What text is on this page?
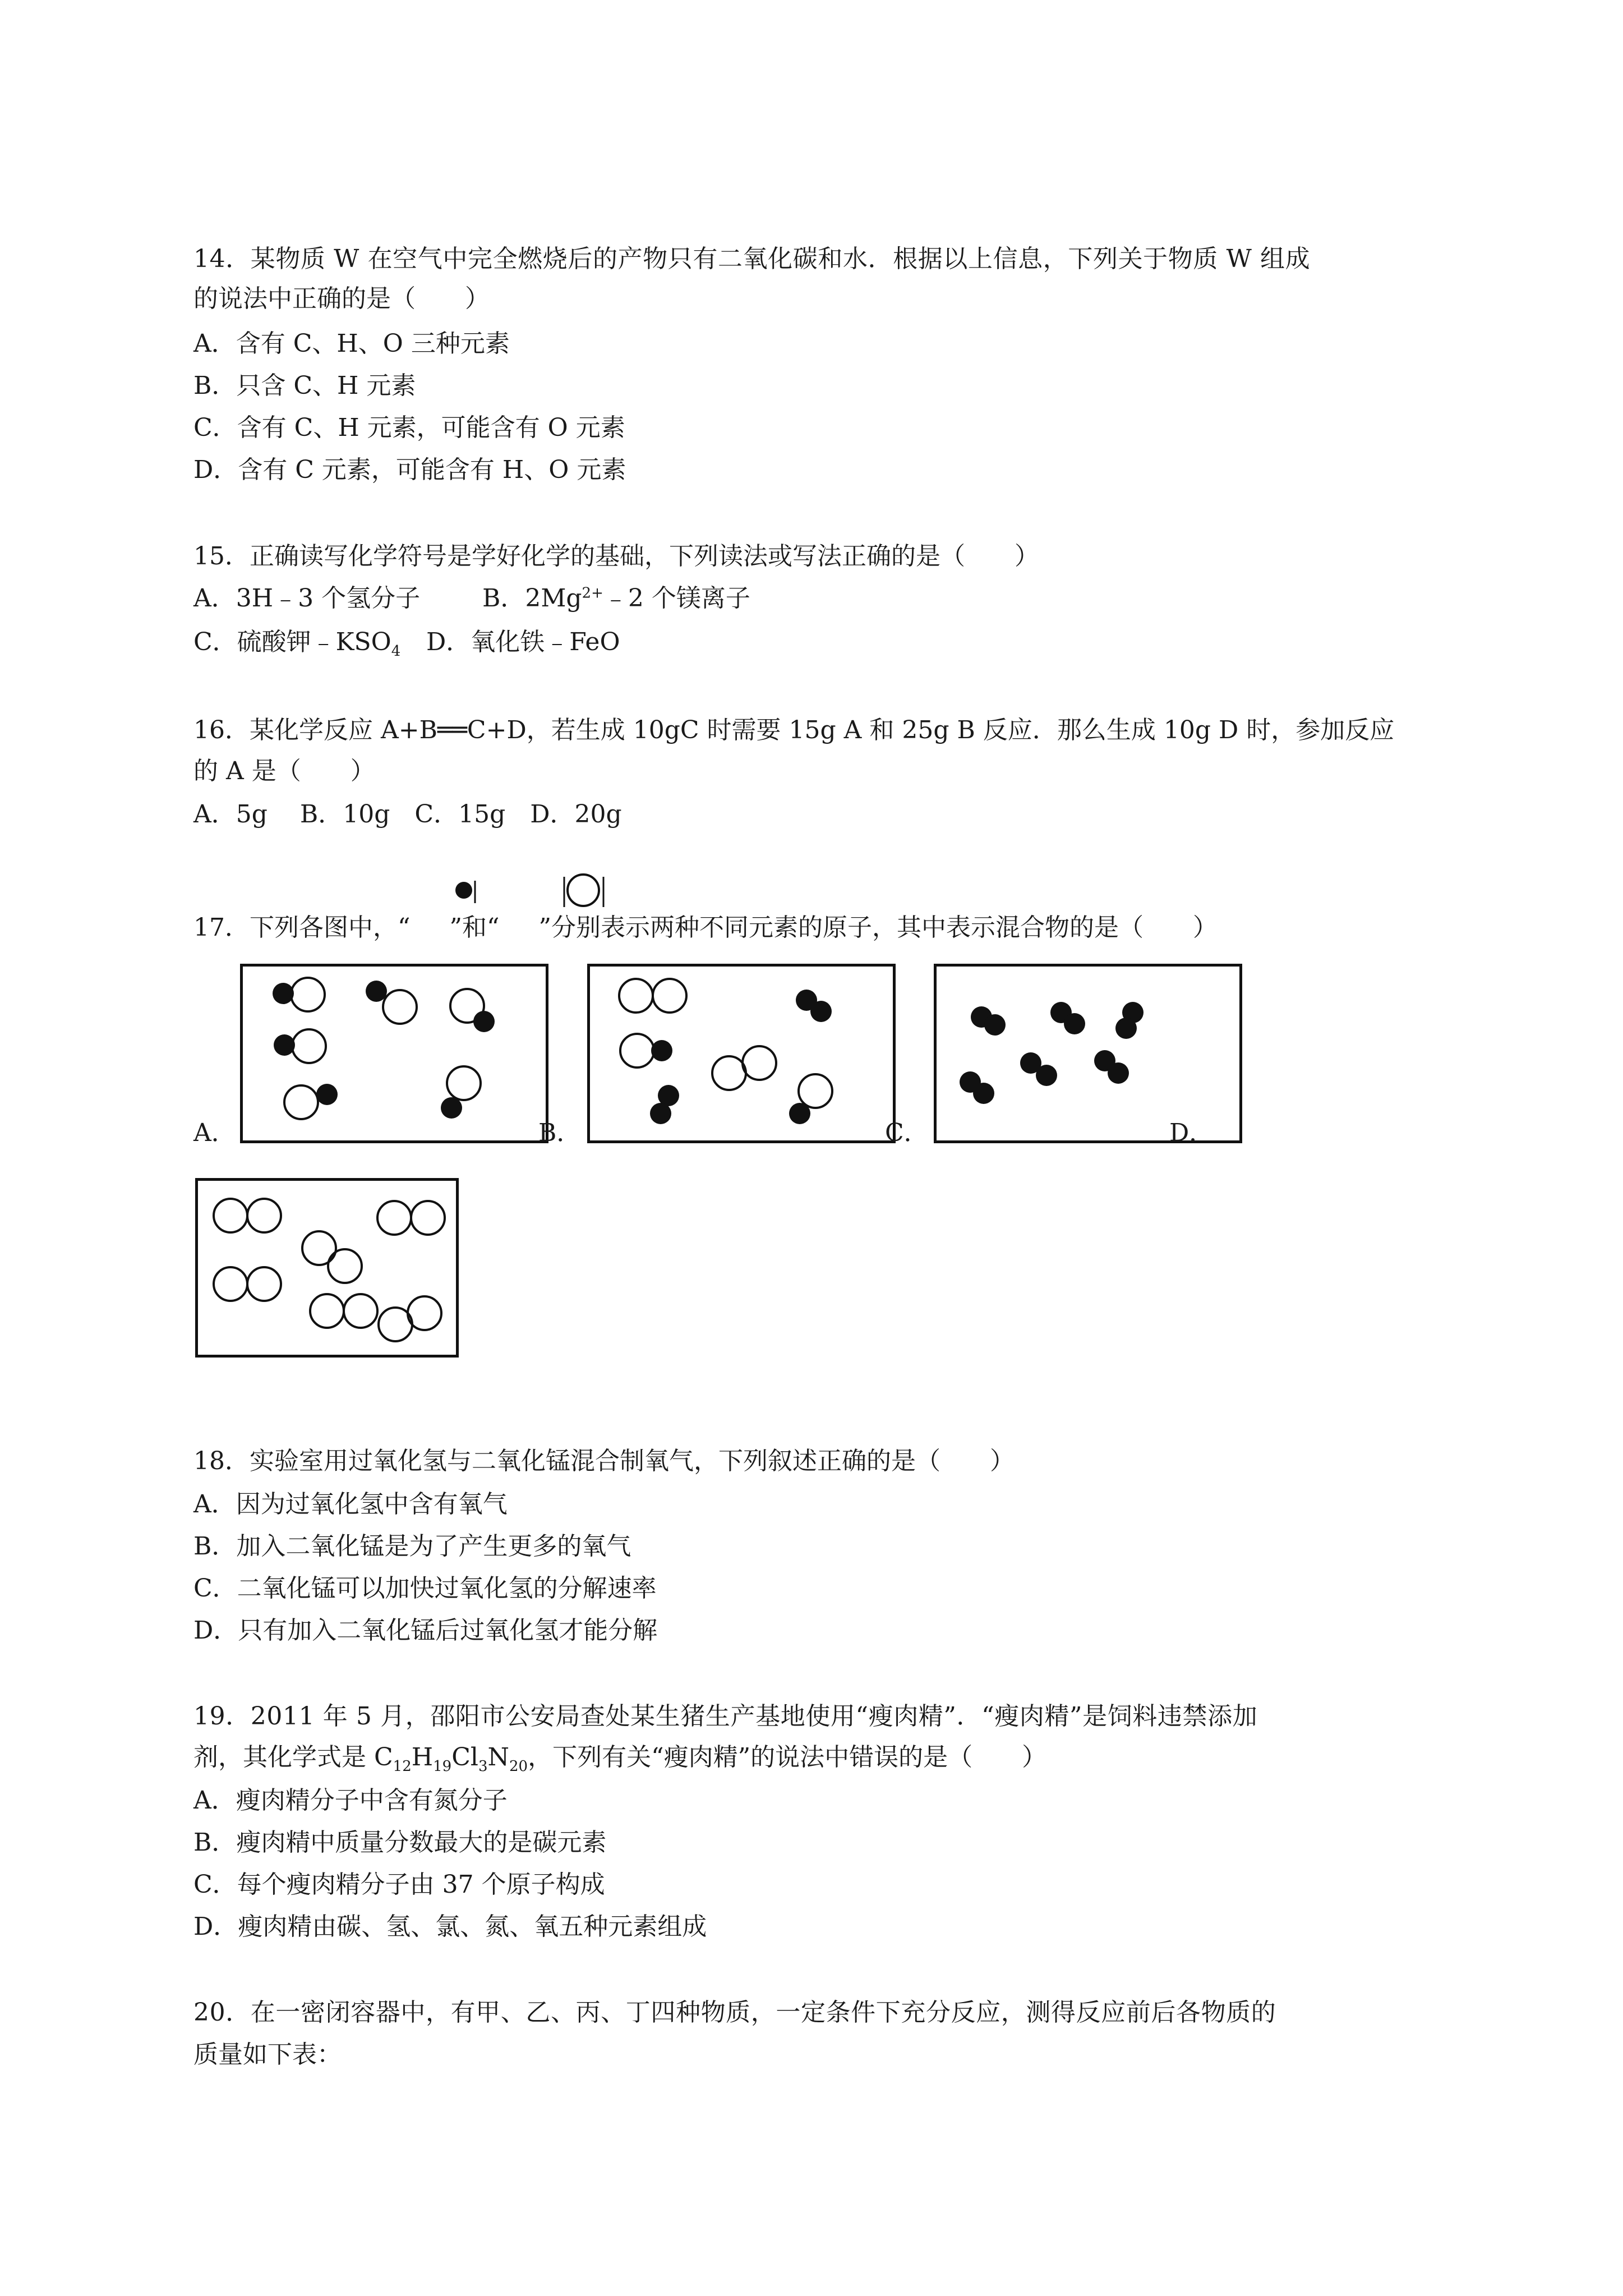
14．某物质 W 在空气中完全燃烧后的产物只有二氧化碳和水．根据以上信息，下列关于物质 W 组成
的说法中正确的是（　　）
A．含有 C、H、O 三种元素
B．只含 C、H 元素
C．含有 C、H 元素，可能含有 O 元素
D．含有 C 元素，可能含有 H、O 元素
15．正确读写化学符号是学好化学的基础，下列读法或写法正确的是（　　）
A．3H﹣3 个氢分子	B．$2Mg^{2+}﹣2$ 个镁离子
C．硫酸钾$﹣KSO_4$ D．氧化铁﹣FeO
16．某化学反应 A+B══C+D，若生成 10gC 时需要 15g A 和 25g B 反应．那么生成 10g D 时，参加反应
的 A 是（　　）
A．5g　 B．10g　C．15g　D．20g
17．下列各图中，“ ”和“ ”分别表示两种不同元素的原子，其中表示混合物的是（　　）
A．	B．	C．	D．
18．实验室用过氧化氢与二氧化锰混合制氧气，下列叙述正确的是（　　）
A．因为过氧化氢中含有氧气
B．加入二氧化锰是为了产生更多的氧气
C．二氧化锰可以加快过氧化氢的分解速率
D．只有加入二氧化锰后过氧化氢才能分解
19．2011 年 5 月，邵阳市公安局查处某生猪生产基地使用“瘦肉精”．“瘦肉精”是饲料违禁添加
剂，其化学式是 $C_{12}H_{19}Cl_3N_{20}$，下列有关“瘦肉精”的说法中错误的是（　　）
A．瘦肉精分子中含有氮分子
B．瘦肉精中质量分数最大的是碳元素
C．每个瘦肉精分子由 37 个原子构成
D．瘦肉精由碳、氢、氯、氮、氧五种元素组成
20．在一密闭容器中，有甲、乙、丙、丁四种物质，一定条件下充分反应，测得反应前后各物质的
质量如下表：
